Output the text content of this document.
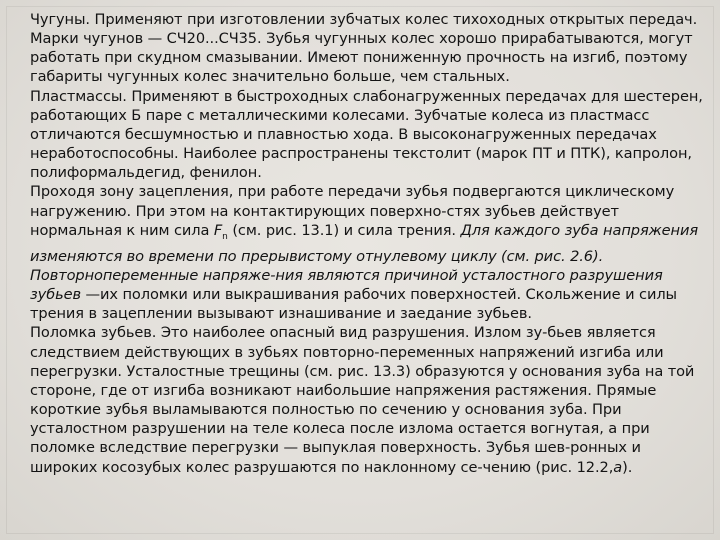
Чугуны. Применяют при изготовлении зубчатых колес тихоходных открытых передач. Марки чугунов — СЧ20...СЧ35. Зубья чугунных колес хорошо прирабатываются, могут работать при скудном смазывании. Имеют пониженную прочность на изгиб, поэтому габариты чугунных колес значительно больше, чем стальных.

Пластмассы. Применяют в быстроходных слабонагруженных передачах для шестерен, работающих Б паре с металлическими колесами. Зубчатые колеса из пластмасс отличаются бесшумностью и плавностью хода. В высоконагруженных передачах неработоспособны. Наиболее распространены текстолит (марок ПТ и ПТК), капролон, полиформальдегид, фенилон.

Проходя зону зацепления, при работе передачи зубья подвергаются циклическому нагружению. При этом на контактирующих поверхно-стях зубьев действует нормальная к ним сила $F_n$ (см. рис. 13.1) и сила трения. Для каждого зуба напряжения изменяются во времени по прерывистому отнулевому циклу (см. рис. 2.6). Повторнопеременные напряже-ния являются причиной усталостного разрушения зубьев —их поломки или выкрашивания рабочих поверхностей. Скольжение и силы трения в зацеплении вызывают изнашивание и заедание зубьев.

Поломка зубьев. Это наиболее опасный вид разрушения. Излом зу-бьев является следствием действующих в зубьях повторно-переменных напряжений изгиба или перегрузки. Усталостные трещины (см. рис. 13.3) образуются у основания зуба на той стороне, где от изгиба возникают наибольшие напряжения растяжения. Прямые короткие зубья выламываются полностью по сечению у основания зуба. При усталостном разрушении на теле колеса после излома остается вогнутая, а при поломке вследствие перегрузки — выпуклая поверхность. Зубья шев-ронных и широких косозубых колес разрушаются по наклонному се-чению (рис. 12.2,а).
